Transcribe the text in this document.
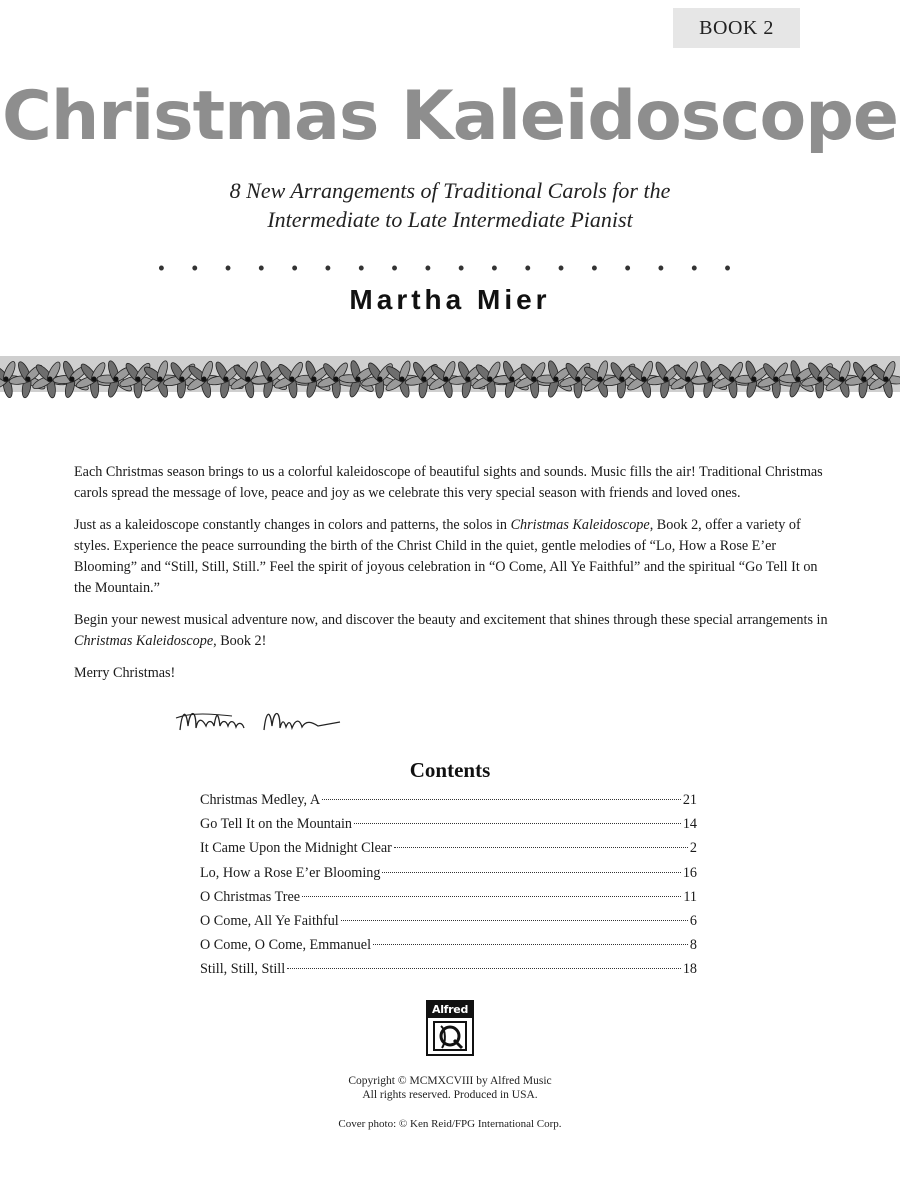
BOOK 2
Christmas Kaleidoscope
8 New Arrangements of Traditional Carols for the
Intermediate to Late Intermediate Pianist
• • • • • • • • • • • • • • • • • •
Martha Mier

Each Christmas season brings to us a colorful kaleidoscope of beautiful sights and sounds. Music fills the air! Traditional Christmas carols spread the message of love, peace and joy as we celebrate this very special season with friends and loved ones.

Just as a kaleidoscope constantly changes in colors and patterns, the solos in Christmas Kaleidoscope, Book 2, offer a variety of styles. Experience the peace surrounding the birth of the Christ Child in the quiet, gentle melodies of “Lo, How a Rose E’er Blooming” and “Still, Still, Still.” Feel the spirit of joyous celebration in “O Come, All Ye Faithful” and the spiritual “Go Tell It on the Mountain.”

Begin your newest musical adventure now, and discover the beauty and excitement that shines through these special arrangements in Christmas Kaleidoscope, Book 2!

Merry Christmas!

Contents
Christmas Medley, A	21
Go Tell It on the Mountain	14
It Came Upon the Midnight Clear	2
Lo, How a Rose E’er Blooming	16
O Christmas Tree	11
O Come, All Ye Faithful	6
O Come, O Come, Emmanuel	8
Still, Still, Still	18
Alfred
Copyright © MCMXCVIII by Alfred Music
All rights reserved. Produced in USA.
Cover photo: © Ken Reid/FPG International Corp.
